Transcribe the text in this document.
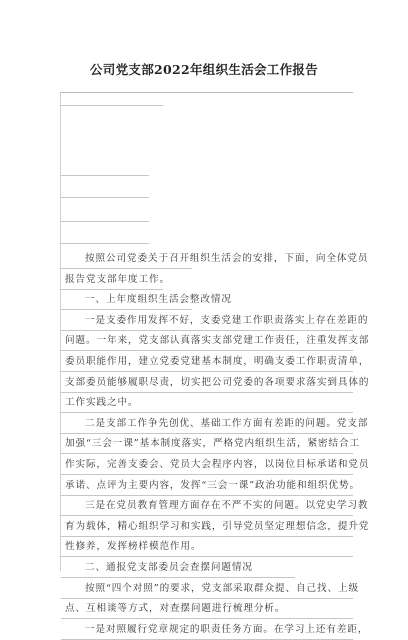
公司党支部2022年组织生活会工作报告
按照公司党委关于召开组织生活会的安排，下面，向全体党员
报告党支部年度工作。
一、上年度组织生活会整改情况
一是支委作用发挥不好，支委党建工作职责落实上存在差距的
问题。一年来，党支部认真落实支部党建工作责任，注重发挥支部
委员职能作用，建立党委党建基本制度，明确支委工作职责清单，
支部委员能够履职尽责，切实把公司党委的各项要求落实到具体的
工作实践之中。
二是支部工作争先创优、基础工作方面有差距的问题。党支部
加强“三会一课”基本制度落实，严格党内组织生活，紧密结合工
作实际，完善支委会、党员大会程序内容，以岗位目标承诺和党员
承诺、点评为主要内容，发挥“三会一课”政治功能和组织优势。
三是在党员教育管理方面存在不严不实的问题。以党史学习教
育为载体，精心组织学习和实践，引导党员坚定理想信念，提升党
性修养，发挥榜样模范作用。
二、通报党支部委员会查摆问题情况
按照“四个对照”的要求，党支部采取群众提、自己找、上级
点、互相谈等方式，对查摆问题进行梳理分析。
一是对照履行党章规定的职责任务方面。在学习上还有差距，
